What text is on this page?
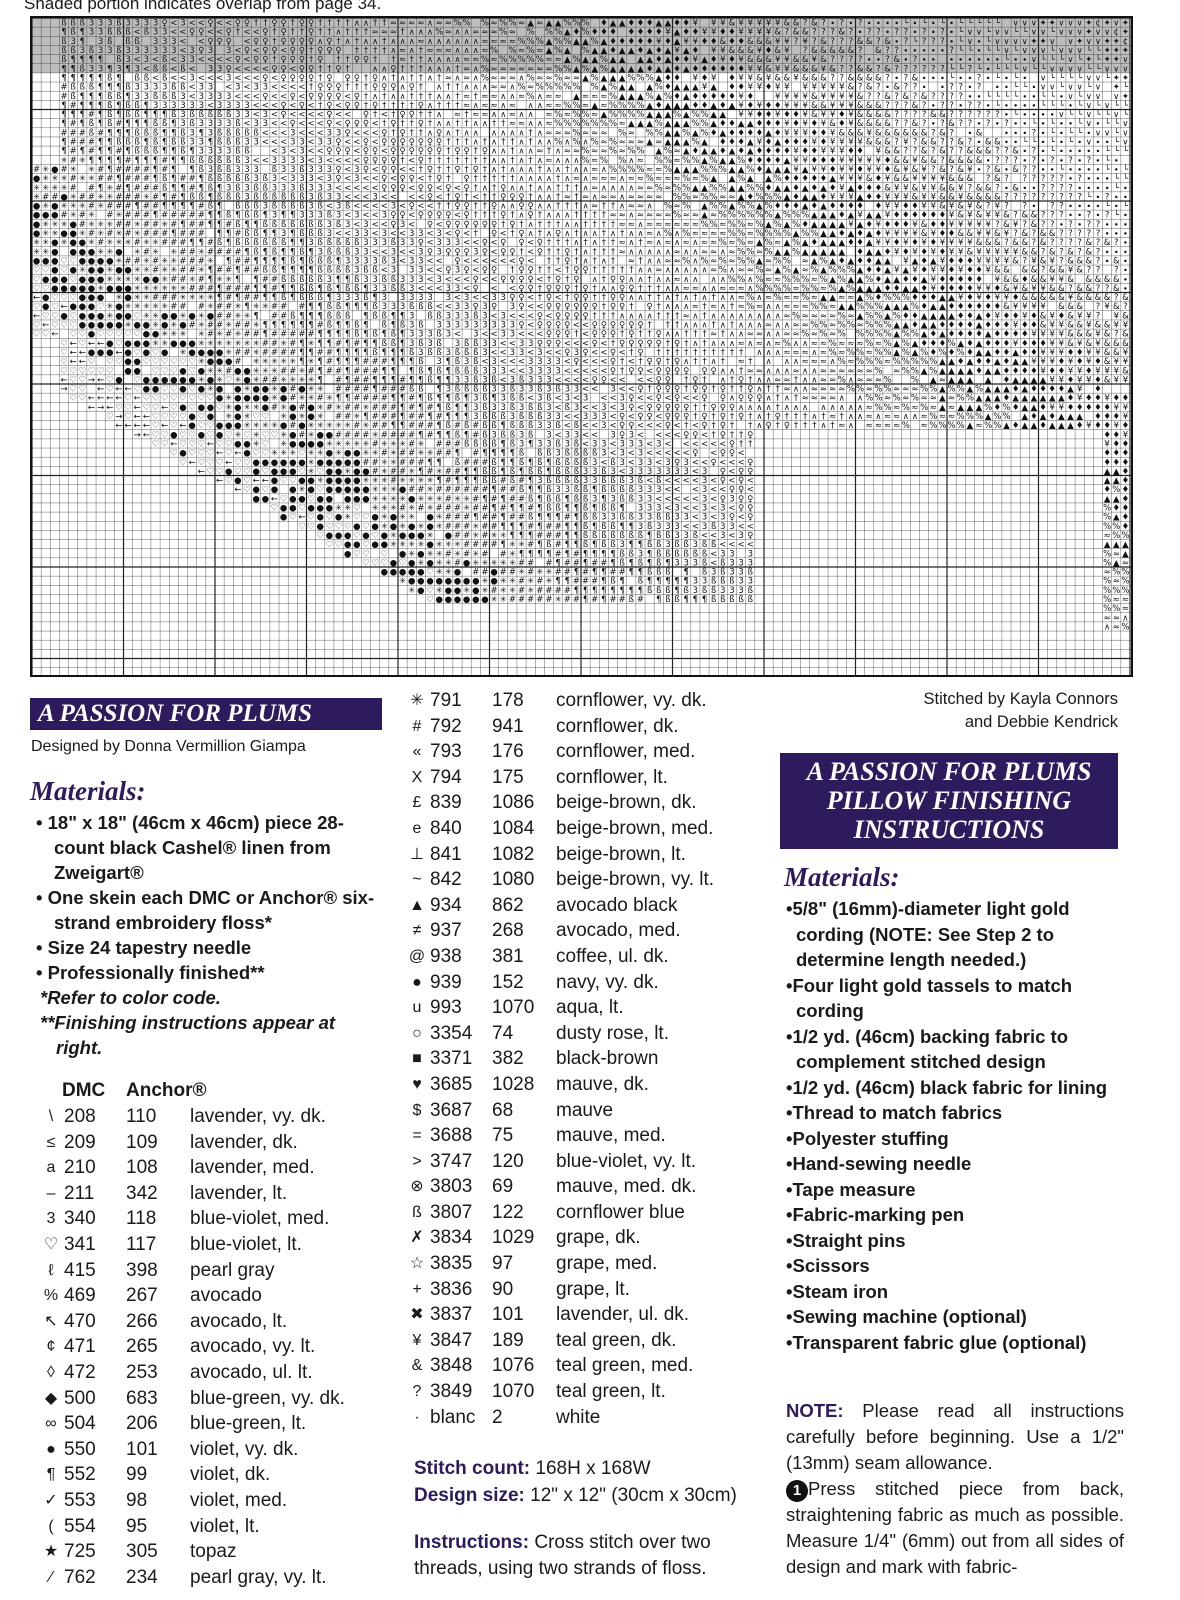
Shaded portion indicates overlap from page 34.
ß ß ß 3 3 3 ß 3 3 3 3 ♀ < 3 < < ♀ < < ♀ ♀ † † ♀ ♀ † ♀ ♀ † † † † ∧ ∧ † † ≈ ≈ ≈ ≈ ∧ ≈ ≈ % % % ≈ % % ≈ ▲ ≈ ▲ ▲ % % % ♦ ▲ ▲ ♦ ♦ ♦ ▲ ▲ ♦ ♦ ¥ ¥ ¥ & ¥ ¥ ¥ ¥ ¥ & & ? & ? ∙ ? ∙ ? ∙ ∙ ∙ ∙ └ ∙ └ ∙ └ ∙ └ └ └ └ └ ∨ ∨ ∨ ✦ ✦ ∨ ∨ ∨ ✦ ¢ ✦ ∨ ✦
¶ ß ¶ 3 3 ß ß ß < ß 3 3 < < ♀ ♀ < < ♀ † < < ♀ † ♀ † † ♀ † † ∧ † † † ≈ ≈ ≈ † ∧ ∧ ∧ % ≈ ∧ ∧ ≈ ≈ ≈ % ≈ % % % ▲ ♦ % ♦ ♦ ♦ ♦ ♦ ♦ ♦ ¥ ▲ ♦ ♦ ¥ ¥ ♦ ♦ ¥ ¥ ¥ ¥ & ? & & ? ? ? & ? ∙ ? ? ∙ ? ? ∙ ? ∙ ? ∙ └ ∨ ∨ └ ∨ ∨ └ └ ∨ ∨ └ ∨ ∨ ∨ ✦ ∨ ∨ ¢ ✦
ß 3 ¶ 3 ß ß ß 3 3 3 < < ♀ ♀ ♀ < ♀ ♀ † ♀ ♀ ♀ ♀ ∧ ♀ † ∧ † ∧ ∧ † ∧ ∧ ∧ ≈ ∧ ∧ ∧ ∧ ∧ ∧ ≈ ≈ ≈ ≈ % % % ▲ % % ▲ ▲ % ▲ ♦ ♦ ♦ ♦ ♦ ¥ ♦ ▲ ¥ ¥ ♦ ♦ & ♦ ♦ & & & ¥ ¥ ? ¥ ? & ? ? ? & & ? & ∙ ? └ ? ? ? ∙ └ ∨ ∙ └ ∨ ∨ ∨ ∨ ✦ ✦ ∨ ∨ ✦ ∨ ∨ ✦ ✦ ¢
ß ß 3 ß 3 3 ß 3 3 3 3 3 3 < 3 ♀ 3 3 < ♀ < ♀ ♀ < ♀ ♀ † ♀ ♀ ♀ † † † † ∧ ≈ ∧ † ≈ ≈ ≈ ∧ ∧ ∧ ≈ % % ≈ % ≈ ▲ % ▲ % ▲ ▲ ♦ ▲ ▲ ♦ ▲ ♦ ▲ ¥ ▲ ♦ ¥ ¥ & & & ¥ ♦ & ¥ ? & & & & & ? & ? ? ∙ ∙ ∙ ∙ ∙ ? └ └ ∙ └ └ ∨ └ ∨ ∨ ∨ └ ∨ ∨ ∨ └ └ ✦ ✦ ✦
ß ¶ ¶ ¶ ¶ ß 3 < 3 < ß < 3 3 < < < < ♀ < ♀ ♀ † ♀ ♀ ♀ † ♀ † † ♀ ♀ † † ≈ † † ∧ ∧ ∧ ∧ ≈ ≈ % ≈ % % % % % ≈ ≈ ▲ % ▲ ▲ % ▲ ▲ ▲ ▲ ♦ ▲ ♦ ♦ ¥ ▲ ♦ ¥ ♦ ¥ & & & ¥ ¥ & & ¥ & ? ? ? ? ∙ ∙ ? & ∙ ? ∙ ∙ ∙ ∙ ∙ ∙ ∙ ∙ └ ∙ ∙ ∨ └ └ └ ∨ └ ✦ └ ✦ ✦ ∨
¶ ¶ ß 3 3 ¶ 3 ¶ 3 < ß ß < ß < 3 3 ♀ < < < < ♀ ♀ < ♀ ♀ † † ♀ †	∧ ∧ ♀ † † † ∧ ∧ ∧ † ≈ ∧ % ≈ ≈ ≈ ≈ ≈ ≈ ≈ % % ▲ % ▲ % ▲ ▲ ▲ ▲ ♦ ▲ ▲ ♦ ▲ ♦ ♦ ♦ ♦ ♦ ♦ ¥ ¥ & ¥ ¥ & & & ¥ & ? ? & & ? & ? ? ? ? ? ? └ └ ? └ ∙ └ └ └ ∨ └ └ ∨ ∨ ∨ ∨ └ └ ∨ ∨ ∨
¶ ¶ ¶ ¶ ¶ ß ¶ ß ß < ß < < 3 < < < 3 < < < ♀ < ♀ ♀ ♀ ♀ † ♀ ♀ ♀ † ♀ ∧ † ∧ † † ∧ † ≈ ∧ ≈ ∧ % ≈ ≈ ≈ ∧ % ≈ ≈ % ≈ ≈ ▲ % ▲ ▲ ▲ % % % ▲ ♦ ♦ ¥ ♦ ¥ ♦ ¥ ¥ & ¥ & & ¥ & & & ? ? & & & & ? ∙ ? & ∙ ∙ ∙ └ ∙ ∙ ? ∙ └ ∙ └ ∙ ∨ └ └ └ └ ∨ ∨ └ ✦ ✦
# ß ß ß ¶ ¶ ¶ ß 3 3 3 3 ß ß < 3 3 < 3 < 3 3 < < < < † ♀ ♀ ♀ † † † ♀ ♀ ♀ ∧ ♀ † ∧ † † ∧ ∧ ∧ ≈ ≈ ∧ % ≈ % % % % % % ▲ % ▲ ▲ ▲ % ♦ ▲ ▲ ▲ ¥ ▲ ♦ ♦ ¥ ¥ ♦ ¥ ¥ ¥ ¥ ¥ ¥ ¥ & ? & ? ∙ & ? ? ∙ ∙ ? ? ∙ ? ∙ ∙ └ └ ∙ ∨ ∨ └ ∨ ∨ └ ∨ ✦ └
# ß ¶ ¶ ¶ ß ß ¶ 3 3 ß ß ß 3 < 3 3 3 3 < < < ♀ < < ♀ < ♀ ♀ ♀ ♀ < ♀ † ∧ † ∧ ∧ † † † ∧ ∧ † ≈ † ≈ ≈ ∧ ∧ ≈ % ∧ ≈ ≈ ▲ ≈ ≈ ≈ % ▲ ▲ ▲ % ▲ % ♦ ▲ ♦ ♦ ♦ ♦ ♦ ¥ ♦ ¥ ¥ ¥ ¥ & ¥ ¥ ¥ ¥ & ? ? & ? & ? & ? ? ? ? ∙ ∙ └ └ └ └ ∙ ∙ └ └ ∙ ∨ └ ∨ ∨ ∨ ✦
¶ # ¶ ¶ ¶ ß ¶ ß ß ¶ 3 3 3 3 3 3 < 3 3 3 3 < < < ♀ < ♀ < † ♀ < ♀ ♀ † ♀ † † † † ♀ ∧ † † † ≈ ∧ ≈ ≈ ∧ ≈ ∧ ∧ ≈ ≈ % % ≈ ▲ ≈ % % % % ▲ ♦ ▲ ▲ ▲ ♦ ♦ ▲ ♦ ▲ ¥ ♦ ¥ ♦ ♦ ¥ ¥ ¥ & & ¥ ¥ ¥ & & & ? ? ? & ? ∙ ? ? ∙ ? ? ∙ └ ∙ ∙ ∙ ∙ └ └ └ ∙ └ ∨ └ ∨ └ └
¶ ¶ ¶ # ¶ ß ¶ ß ß ¶ ¶ ¶ ß 3 ß ß ß ß ß 3 3 < 3 < ♀ < < < < ♀ < < ♀ † < † ♀ ♀ † † ∧ ≈ † ≈ ≈ ∧ ∧ ≈ ∧ ∧ ≈ % ≈ % % ≈ ▲ % % % % ▲ ▲ ▲ % ▲ % % ▲ ▲ ¥ ¥ ♦ ♦ ¥ ♦ ♦ ¥ & ¥ ¥ ♦ ¥ & & & & ? ? ? ? & & ? ? ? ? ? ? ∙ └ ∙ ∙ ∙ ∙ ∨ └ └ ∨ └ └ ∨ └
¶ # ¶ ß ¶ ß # ¶ ¶ ¶ ß ß ¶ 3 ß 3 3 3 3 ß < 3 3 < < ♀ < < < ♀ < ♀ ♀ ♀ < † ♀ † † ♀ † ∧ ∧ † † ∧ ∧ † † ≈ ≈ ∧ ∧ ≈ % % % % % % % ≈ ▲ ▲ ▲ % ▲ ▲ ▲ % % ▲ ♦ ♦ ▲ ▲ ♦ ♦ ♦ ¥ ♦ ¥ ♦ ¥ & ♦ ¥ & & & & ? ? & ? ∙ ? & ? ? ∙ ? ∙ ? ∙ ∙ └ ∙ └ ∙ ∙ └ ∨ ∙ └ └ ∨
# # # ß # ¶ ¶ ¶ ß ß ß ¶ ¶ ß 3 ¶ 3 ß ß ß ß ß < < < 3 < < < 3 3 ♀ < < < ♀ † ♀ † † ∧ ♀ ∧ † ∧ ∧ ∧ ∧ ∧ ∧ † ∧ ≈ ≈ ≈ % ≈ ≈ ≈ % ≈ % % ▲ ▲ % ▲ % ♦ ▲ ♦ ♦ ♦ ♦ ▲ ♦ ¥ ¥ ¥ ♦ ♦ ¥ & & & ¥ & & & & & & ? & ? ∙ &	∙ ∙ ∙ ? ∙ └ ∙ └ └ ∙ ∨ ∨ └ ∨
¶ # # # ¶ ¶ ß ß ß ¶ ß ¶ ß ß 3 3 ¶ ß ß ß 3 3 < < < 3 3 < 3 3 ♀ < < ♀ < ♀ ♀ ♀ ♀ ♀ ♀ ♀ † † † ∧ † ∧ † † ∧ † ∧ ∧ % ∧ % ∧ % ≈ % ≈ ≈ ≈ ▲ ≈ ▲ ▲ ▲ % ▲ ♦ ♦ ♦ ▲ ¥ ♦ ▲ ♦ ♦ ♦ ¥ ♦ ¥ ¥ ¥ ¥ & & & ? ¥ ? & & ? ? & ? ∙ & & ∙ ∙ └ └ ∙ └ ∙ └ ∙ ∨ ∙ ∙ └ ∨
¶ # ¶ # ¶ ¶ # ¶ ß ß ß ¶ ¶ ß ¶ 3 3 3 3 ß ß < 3 < 3 < < ♀ ♀ ♀ < ♀ ♀ < ♀ ♀ ♀ ♀ ♀ ♀ † ♀ ♀ † ♀ ∧ ∧ † ∧ ∧ ≈ † ∧ ≈ ≈ % ≈ ≈ % ≈ % % ▲ % ≈ ▲ ♦ ▲ ▲ ♦ ▲ ♦ ▲ ♦ ♦ ♦ ♦ ¥ ♦ ♦ ¥ ¥ ¥ ♦ ♦ ¥ & & ? ? & ? & ? ? & & & ? ? & ∙ ? ∙ └ ∙ ∙ ∙ ∙ ∙ └ └ └
✳ # ✳ ¶ ¶ ¶ ¶ # ¶ ¶ ¶ # ¶ ¶ ß ß ß ß ß ß 3 < < 3 3 3 3 < 3 < < < < ♀ ♀ ♀ ♀ † < ♀ † † † † † † † ∧ ∧ † ∧ † ∧ ≈ ∧ ∧ ∧ % ≈ % % ∧ ≈ % % ≈ % % ▲ % ▲ ▲ % ♦ ♦ ♦ ♦ ▲ ¥ ¥ ♦ ♦ ♦ ¥ ¥ ¥ ¥ ¥ ♦ & & ¥ & & ? & & & & ∙ ? ? ? ∙ ? ∙ ? ∙ ? ∙ ? ∙ └ ∙
# ✳ ● # ✳ ✳ # ¶ # # # # ¶ # ¶ ¶ ß 3 ß ß 3 3 3 ß 3 3 ß 3 3 3 ♀ < 3 ♀ < ♀ ♀ < < † ♀ † † ♀ † ♀ † ∧ † ∧ ∧ ∧ † ∧ ∧ † ∧ ∧ ≈ ∧ % % % % ≈ ≈ % ▲ ▲ ▲ % % % ▲ ▲ % ♦ ▲ ▲ ▲ ¥ ▲ ¥ ¥ ♦ ¥ ¥ ♦ ¥ ¥ ♦ & ¥ & ¥ ? & ? & ¥ ∙ ? & ∙ & ? ? ∙ ∙ └ ∙ ∙ ∙ ∙ └ ∙ └
● ✳ ✳ ✳ # ✳ ✳ # # ¶ # # # ¶ ß ¶ # # ¶ ß ß ß ß ß 3 ß 3 < 3 3 3 < 3 ♀ < 3 < < ♀ < ♀ ♀ < † ♀ † ♀ † † † † † ∧ ∧ ∧ ∧ † ∧ ≈ ∧ ≈ ≈ ≈ ∧ ≈ ≈ % ≈ ≈ ≈ % ≈ % ▲ ▲ % ▲ ▲ % ♦ ♦ ♦ ♦ ♦ ▲ ¥ ¥ ¥ & ♦ ¥ & & ¥ ¥ ¥ ¥ & & & ? & ? ? ? ? ? ? ∙ ? ∙ ∙ ∙ └ └
✳ ✳ ✳ ✳ # # ¶ ✳ # ¶ # # # ß ¶ ¶ # ¶ ß ¶ 3 ß 3 ß ß 3 3 3 ß 3 3 3 < < < < < ♀ ♀ ♀ < ♀ ♀ < ♀ < ♀ † ∧ † ♀ ∧ ∧ † ∧ ∧ † † † ∧ ≈ ∧ ∧ ∧ ∧ ≈ ≈ % ≈ % % ▲ ▲ % % ▲ ▲ % % ♦ ▲ ▲ ♦ ▲ ♦ ▲ ♦ ¥ ▲ ♦ ♦ ♦ & ¥ ¥ & ¥ ¥ & & ¥ ? & & ? ∙ & ∙ ∙ ? ? ? ? ∙ ∙ ∙ ∙ └ ∙
✳ # # ● ✳ # # ✳ ✳ # # # ✳ # ¶ # ¶ ß ß ¶ ß ß ß 3 ß ß ß ß ß ß 3 ß 3 3 < < < 3 < < < < ♀ < † ♀ † < † † ♀ ♀ ♀ † ∧ ∧ † ≈ † ≈ ∧ ≈ ≈ ∧ ≈ ≈ ≈ ≈ % % ≈ % % ≈ ≈ ▲ ♦ % % % ▲ ♦ ▲ ▲ ♦ ¥ ¥ ¥ ▲ ♦ ♦ ¥ ¥ ¥ & ¥ ¥ & & ¥ & & & & ? ? ? ? ? ? ? ? ? └ ∙ ? ∙ ∙
● ✳ ● ✳ ✳ ✳ # ✳ # # # ¶ # # ¶ ¶ ¶ ¶ # ß ¶ ß ß ß 3 ß ß ß ß 3 ß < 3 ß < < < < 3 < ♀ < < † † ♀ ♀ † † ♀ ∧ ∧ ♀ ♀ ∧ ∧ † † † ∧ ≈ † † ∧ ≈ ≈ ∧ % ≈ % ▲ % % ▲ % % ▲ % ♦ ♦ ♦ ▲ ♦ ▲ ♦ ♦ ♦ ♦ ♦ ¥ ¥ ♦ ♦ ¥ ¥ & ¥ & ¥ & ? ¥ ? ? ∙ ? ? ∙ ∙ ∙ ∙ └ ∙ └
● ● ● # ✳ # ✳ # ✳ # # # ¶ # # # # # ¶ ¶ ß ¶ ß ß ¶ 3 ¶ ¶ 3 3 3 ß 3 < 3 < < 3 ♀ ♀ < ♀ ♀ ♀ ♀ < ♀ † † † ♀ † ∧ ♀ † ∧ ∧ ∧ † † † † ≈ ≈ ∧ ≈ ≈ ≈ ≈ % ≈ ≈ ▲ ≈ % % % % % % ▲ % % % ▲ ▲ ▲ ♦ ▲ ¥ ▲ ▲ ¥ ♦ ♦ ♦ ♦ ♦ ♦ ¥ & ¥ & ¥ ¥ & ? & & ? ? ? ∙ ∙ ? ∙ ? └ ∙
● ✳ ✳ ✳ ● # ✳ ✳ ✳ # # ✳ # # ✳ # ¶ # # ¶ ¶ # ß ¶ ¶ ß ß ß ß ß ß ß 3 ß 3 < 3 < < ♀ 3 < ♀ < ♀ ♀ ♀ ♀ ♀ ♀ † ♀ † ∧ † † † ∧ ∧ † † † † ≈ ≈ ∧ ≈ ≈ ≈ ≈ ≈ ≈ % % ≈ % % ≈ % ▲ % ▲ % ♦ ▲ ▲ ▲ ▲ ¥ ▲ ♦ ¥ ♦ ♦ ♦ ¥ & ♦ ♦ ¥ ¥ ¥ ¥ ¥ ? & ¥ ? & ? ? ∙ ? ∙ ? ? ∙ ∙ ∙
● ✳ ✳ ● ● ✳ # ✳ # ✳ # ✳ # # # ¶ # # # ¶ ¶ # ß ß ¶ ¶ 3 ¶ ß ß ß 3 < < 3 3 < 3 < < 3 3 < 3 < ♀ < † ♀ < † ♀ ∧ † ∧ ♀ ∧ † ∧ ∧ † ∧ † ∧ ∧ ≈ ∧ % ∧ % ≈ ≈ ≈ ≈ % % ≈ % % % % ▲ % % ▲ ▲ ♦ ▲ ♦ ▲ ♦ ¥ ¥ ¥ ¥ & ¥ ♦ ♦ & & ¥ ¥ & ¥ ? & ? & & ? ? ? ? ? ∙ ∙ ∙
✳ ✳ ● ✳ ● ● ✳ # ✳ ✳ ✳ # ✳ ✳ # # # ¶ ¶ # ß ¶ ß ß ß ß ß ß ¶ ¶ 3 ß ß ß ß ß 3 3 3 ß 3 3 ♀ < 3 3 3 < < ♀ < ♀ ♀ < ♀ † † † ∧ † ∧ † † ≈ ∧ † ≈ ∧ ≈ ∧ ≈ ∧ ≈ ≈ % ≈ % ≈ ▲ % ≈ ▲ % ▲ ♦ ▲ ▲ ▲ ♦ ♦ ▲ ¥ ¥ ♦ ¥ ♦ ¥ ♦ ¥ ¥ ¥ ¥ & & & ? & & ? & ? ? ? ? & ? & ? ∙
✳ ✳ ● ● ● ● ✳ ✳ ● ✳ # ✳ ✳ # # ✳ # # # # ¶ ß ¶ ß ¶ ¶ ß ¶ 3 ß ß ß 3 3 < < 3 < < 3 ♀ 3 ♀ ♀ ♀ 3 ♀ < ♀ ♀ † < ♀ † † ♀ † ∧ † † † ≈ ∧ ∧ ∧ ∧ ∧ ≈ ∧ ∧ ≈ ≈ ∧ ≈ % % ≈ % ▲ ▲ % ▲ ▲ ▲ ▲ ▲ ♦ ▲ ▲ ♦ ¥ ♦ ¥ ♦ ¥ ♦ ¥ ¥ & ¥ ¥ ¥ ¥ ¥ & & ? & ? & ? & ? ∙ ∙ ∙
● ● ● ♡ ♡ ● ● ● ● ✳ # # ✳ # ✳ ✳ # # # ✳ ¶ # # ¶ ¶ ¶ ¶ ß ¶ ß ß ß ¶ 3 3 3 3 ß 3 < 3 3 < < ♀ < < < < < < ♀ < † † ♀ † ∧ † ∧ † ≈ † ∧ ∧ ≈ ≈ % ∧ % ≈ % ≈ % % ▲ ≈ % % ≈ ▲ % ▲ ♦ ▲ ♦ ♦ ▲ ▲ ¥ ▲ ♦ ▲ ¥ ♦ ♦ ♦ ¥ ¥ ¥ ¥ & ? ¥ & ¥ ? & & & ? ∙ & ∙
♡ ♡ ● ♡ ● ✳ ● ● ✳ ● ● ✳ ✳ # ✳ ✳ # # ✳ ¶ # # ¶ # # ß ß ¶ ¶ ¶ ¶ ß ß ß ß 3 ß ß < 3 3 3 < < ♀ 3 ♀ < ♀ ♀ † ♀ ♀ † † < † ♀ ♀ † † † † † ∧ ∧ ≈ ∧ ∧ ∧ ∧ ∧ ≈ % ∧ ≈ ≈ % ≈ ▲ % ▲ ≈ % ▲ % % % ▲ ♦ ♦ ▲ ¥ ▲ ¥ ♦ ¥ ¥ ♦ ¥ ♦ ♦ ¥ & & & & ? & & ¥ & ? ? ? ∙
♡ ● ● ● ♡ ● ● ● ✳ ✳ ✳ ✳ ● ● ✳ # # ✳ # ¶ ✳ ✳ ¶ ¶ # # ß ß ß ß ß 3 ¶ ¶ ß 3 3 ß ß 3 3 3 < 3 < < < ♀ < < ♀ ♀ ♀ ♀ < † ♀ † ♀ ∧ † ♀ ♀ ∧ ∧ † ∧ ∧ ≈ ∧ ∧ ∧ ∧ % % ∧ % ≈ ≈ % % % ≈ % ▲ % ▲ ▲ % ♦ ▲ ▲ ♦ ♦ ▲ ¥ ♦ ♦ ♦ ♦ ♦ ¥ & & ♦ & & ¥ ¥ & & & & & ∙
♡ ♡ ● ● ● ● ● ✳ ● ● ● ✳ ✳ ✳ ✳ ✳ ✳ # # # ¶ # # # ¶ ¶ # ¶ ¶ ß ß ¶ ß ¶ ß ß ¶ 3 3 ß ß 3 < < < 3 3 < ♀ < < ♀ ♀ † ♀ ♀ ♀ † ♀ † ∧ ∧ ♀ ♀ † † † ∧ ∧ ≈ ≈ ∧ ∧ ≈ ≈ ≈ ∧ % % % % ≈ % % ≈ % ▲ % ▲ ▲ ▲ ♦ ♦ ▲ ▲ ♦ ¥ ♦ ♦ ♦ ♦ ¥ ¥ ♦ & ¥ & ¥ ¥ & & ? & & ? ? & ∙
← ● ♡ ♡ ♡ ● ● ● ✳ ● ✳ ✳ # # # ✳ ✳ ✳ ✳ ¶ # ¶ # # ¶ ¶ ß ¶ ß ß ß ¶ 3 3 3 ß ¶ 3 3 3 3 3 3 < 3 < < 3 3 ♀ ♀ < † ♀ < † ♀ ♀ † † ♀ ♀ ∧ ∧ † † ∧ † ∧ † ∧ † ∧ ∧ ≈ % ∧ ≈ % ≈ ≈ % ≈ ▲ ▲ ≈ ≈ ▲ % ♦ % % % ♦ ♦ ♦ ▲ ▲ ¥ ♦ ¥ ♦ ¥ ¥ ♦ & & & & & ¥ & & & & ? &
♡ ● ♡ ← ● ● ● ♡ ✳ ● ✳ ✳ ✳ ✳ ✳ # # # ✳ # # ✳ ¶ ✳ ✳ # # # ¶ ¶ ß ß ¶ ¶ ¶ ß 3 3 3 ß ß ß < < 3 3 ♀ 3 ♀ 3 ♀ < < ♀ ♀ ♀ ♀ ♀ ♀ † ♀ ♀ † ♀ † ∧ ∧ ∧ ≈ † ≈ ∧ † ≈ % ≈ ∧ ∧ ≈ ≈ ≈ % % ≈ ▲ ▲ % % % ▲ ▲ ▲ % ♦ ▲ ▲ ♦ ♦ ♦ ♦ ♦ ♦ & ¥ ¥ ¥ ¥ & & & ? ¥ & ?
← ♡ ♡ ● ♡ ● ● ● ✳ ● ● ♡ ✳ ✳ ● ● ✳ ● ✳ ● # # ✳ ✳ ¶ # # ß ¶ ¶ ¶ ß ß ß ¶ ß ß ¶ ¶ 3 ß ß 3 3 3 ß 3 < 3 < < < ♀ < ♀ ♀ ♀ ♀ † † † ∧ ∧ ∧ ∧ † † † ≈ ∧ † ∧ ∧ ∧ ∧ ∧ ∧ ∧ ∧ ≈ % ≈ ≈ ≈ ≈ % ≈ ▲ % % ▲ % ♦ ♦ ▲ ▲ ▲ ▲ ♦ ♦ ▲ ♦ ¥ ♦ ♦ ¥ ♦ & ¥ ♦ & ¥ ¥ ? ¥ &
♡ ← ♡ ♡ ♡ ● ● ● ● ● ✳ ● ● ✳ ● ✳ ● # ✳ # # ✳ # # ✳ ¶ ¶ ¶ ¶ ¶ ¶ # ß ¶ ¶ ß ¶ ß ¶ ß 3 ß 3 3 3 3 3 3 3 3 3 ♀ < ♀ ♀ ♀ ♀ < < ♀ ♀ ♀ ♀ ♀ ♀ † † † ∧ ∧ ∧ † ∧ † ∧ ∧ ∧ ≈ ∧ ∧ ≈ ≈ % % ≈ % % ≈ % % % ▲ ▲ ♦ ▲ ▲ ♦ ♦ ♦ ♦ ▲ ♦ ♦ ♦ ¥ ♦ ♦ & ¥ ¥ & & ¥ & & ¥ ¥
♡ ♡ ← ♡ ♡ ● ♡ ♡ ♡ ♡ ♡ ● ● ✳ ✳ ✳ ✳ # ✳ # ✳ # # ¶ # # # # # ¶ ¶ ¶ ¶ ß ¶ ß ¶ ß ¶ 3 3 3 ß 3 < 3 < < 3 3 < < < ♀ ♀ ♀ † < ♀ ♀ ♀ † ♀ † † ♀ ∧ ∧ † † † ≈ † ∧ ∧ ≈ ≈ ∧ ∧ ≈ ≈ % ≈ % ≈ % % % % % ▲ % % ▲ ♦ ▲ ♦ ♦ ♦ ♦ ▲ ♦ ♦ ♦ ♦ ¥ ¥ ¥ ¥ & & & ¥ & ? &
♡ ← ♡ ← ← ● ♡ ● ● ● ✳ ✳ ● ● ● ✳ ✳ ✳ ✳ ✳ ✳ ✳ # # ✳ # ¶ ✳ ¶ ¶ # ¶ # ¶ ¶ ß ß ¶ 3 ß 3 ß 3 ß ß 3 3 < < 3 3 ♀ ♀ ♀ < < < ♀ < † ♀ ♀ ♀ ♀ ♀ † ♀ † ∧ † ∧ ∧ ∧ ≈ ∧ ≈ ∧ ≈ % ∧ ∧ ≈ ≈ % ≈ ≈ ≈ % ≈ % ▲ % ▲ ♦ ♦ ♦ % ▲ ♦ ▲ ♦ ♦ ♦ ¥ ♦ ♦ ♦ ¥ ¥ & ¥ & ¥ & & &
♡ ← ← ● ● ● ← ● ♡ ● ♡ ● ✳ ● ● ● ● ✳ # # ✳ # # # # ¶ ¶ # # ¶ ¶ ¶ ¶ ß ¶ ¶ ¶ ß 3 ß ß 3 ß ß ß 3 < < 3 3 < 3 < < ♀ 3 ♀ < < ♀ < † ♀ † † † † † † † † † † ∧ ∧ ∧ ≈ ≈ ≈ ∧ ≈ % ≈ % % ≈ % % ▲ % ▲ % ♦ % ♦ % ♦ ▲ ▲ ♦ ♦ ▲ ♦ ♦ ¥ ¥ ¥ ♦ ♦ ¥ ¥ & & ¥
♡ ← ← ♡ ♡ ♡ ● ● ♡ ♡ ♡ ♡ ♡ ♡ ✳ ● ● ● # ✳ ✳ ✳ ✳ ✳ ¶ ✳ ¶ # ¶ ¶ ¶ # # # ¶ ¶ ¶ ß 3 ¶ ß 3 ß < 3 < < < 3 3 3 3 < ♀ < < < ♀ † < † ♀ ♀ † ♀ ∧ † † ∧ † ≈ † ∧ ∧ ∧ ≈ ≈ ≈ ∧ % ≈ % % % ≈ % % % % % ▲ ▲ ♦ ▲ ♦ ♦ ▲ ♦ ▲ ▲ ¥ ¥ ¥ ♦ ¥ ♦ ¥ ♦ & ¥ ¥
♡ ♡ ♡ ♡ ♡ ♡ ● ● ♡ ♡ ♡ ● ♡ ● ✳ ✳ # ● ● ✳ ✳ ✳ # # ✳ # ¶ # # ¶ # # # ¶ ¶ ¶ ß ¶ ß ¶ ß ß ß 3 3 3 < < 3 3 3 3 < < < < < ♀ † ♀ ♀ < ♀ ♀ ♀ ♀ ♀ ♀ ∧ ∧ † ≈ ≈ ∧ ∧ ∧ ≈ ∧ ∧ ≈ ≈ ≈ ≈ ≈ ≈ % ≈ % % ▲ % ▲ ▲ ▲ ▲ ♦ ▲ ▲ ♦ ♦ ♦ ♦ ¥ ♦ ♦ ¥ ¥ ♦ ¥ ¥ ¥ &
← ♡ ♡ → ← ♡ ● ♡ ● ● ● ● ● ● ✳ ● ✳ ♡ ✳ ● ✳ # # ✳ ✳ ✳ ✳ ¶ # ¶ # # ¶ ¶ ¶ # ¶ ¶ ß ¶ ¶ 3 3 ß 3 ß < 3 ß 3 3 3 < < < < ♀ ♀ < < < < ♀ ♀ † ♀ † ∧ † ♀ † ∧ ∧ ≈ ≈ † ∧ ∧ ≈ ≈ % ∧ ≈ ≈ ≈ % % ▲ ≈ ▲ ▲ ▲ ▲ ♦ ▲ ▲ ▲ ▲ ¥ ¥ ♦ ¥ ¥ ♦ & ¥ ¥
→ ♡ ♡ ← ♡ ← ← ♡ ● ● ♡ ♡ ● ♡ ● ✳ ● ● ✳ ● ● ✳ ● # ● ✳ ✳ # # # # ¶ # # # ß ß ¶ 3 ß ß ß ß 3 3 ß 3 3 ß 3 ß 3 3 < < 3 < < ♀ † ♀ ♀ ♀ † ♀ ♀ † ♀ † † ♀ ∧ † † ≈ ∧ ∧ ≈ ≈ ≈ ≈ % % ≈ % % ≈ ≈ ≈ % % ▲ % % ▲ % ▲ ▲ ▲ ♦ ▲ ♦ ♦ ♦ ♦ ▲ ¥ ♦
♡ ♡ ← ← ← ← ♡ ← ♡ ♡ ♡ ♡ ♡ ♡ ♡ ♡ ● ✳ ● ● ● ● ✳ ● # ✳ ✳ # ✳ ¶ ¶ # # # # ¶ ¶ # ¶ ß ¶ ¶ ß ¶ 3 ß ¶ 3 ß ß < 3 ß < 3 < 3 < < 3 ♀ < < ♀ < ♀ < < ♀ ♀ ∧ ♀ ♀ ♀ ∧ † ∧ † ≈ ≈ ≈ ≈ ∧ ∧ % % ≈ % ≈ % ≈ ≈ ▲ ≈ % % ▲ ▲ ▲ ♦ ▲ ▲ ▲ ▲ ▲ ▲ ♦ ¥ ♦ ♦ ¥ ♦ ♦
← → ← ♡ ♡ ← ♡ ♡ ← ♡ ● ♡ ● ● ♡ ✳ ● ✳ ✳ ● # ✳ ● # ● ✳ # ✳ # # ✳ # # # ¶ # ¶ # ¶ ß ¶ ¶ 3 ß 3 3 ß 3 ß ß 3 < ß 3 < < 3 < 3 ♀ < ♀ ♀ ♀ ♀ ♀ † † ♀ ♀ ♀ ∧ ∧ ∧ ∧ † ∧ ∧ ∧ ∧ ∧ ∧ ∧ ∧ ≈ % % ≈ % ≈ % ≈ ▲ ≈ ▲ ▲ ▲ % ♦ % ♦ ▲ ▲ ♦ ¥ ¥ ♦ ♦ ♦ ♦ ♦ ¥ ¥
♡ → ♡ ← ← ♡ ♡ ♡ ♡ ● ♡ ● ✳ ● ✳ ♡ ♡ ✳ ● ✳ ● ✳ # # ✳ ¶ # # # ¶ # # ¶ # ¶ ¶ ¶ 3 ß ß ß 3 ß ß ß 3 3 < < 3 3 3 < ♀ < ♀ ♀ < ♀ ♀ ♀ † ♀ † ♀ † ♀ † ∧ † ♀ † † † ∧ † ≈ † ∧ ∧ ≈ ∧ ≈ ≈ ∧ ∧ ≈ % ≈ ≈ % % % ▲ % % ▲ ♦ ▲ ♦ ▲ ▲ ▲ ♦ ♦ ♦ ¥
← ← ← ← ♡ ← ♡ ← ● ♡ ♡ ● ● ● ✳ ✳ ✳ ✳ ● # ● ✳ ✳ ✳ ✳ ✳ # ✳ # # ¶ ¶ # # # ¶ ß # ß # ß ß ¶ ß ß ß 3 3 ß < ß < < 3 < ♀ ♀ < < < ♀ < † < ♀ † ♀ † † ∧ ♀ † ♀ † † † ∧ † ≈ ∧ ≈ ≈ ≈ ≈ % ≈ % % % % ▲ ≈ % % ▲ ♦ ▲ ▲ ♦ ▲ ▲ ▲ ♦ ¥ ♦ ♦ ¥ ♦
→ ← ♡ ♡ ● ♡ ♡ ● ♡ ● ♡ ✳ ♡ ✳ ♡ ♡ ✳ ● # ✳ ● ● # # # # ✳ # # # # ¶ # ¶ ¶ ß ¶ # ß 3 ß ß 3 ß 3 < 3 3 < < 3 ♀ 3 < < < < ♀ ♀ < † ♀ † † ♀	♦ ♦ ¥
♡ ♡ ← ♡ ♡ ♡ ← ♡ ♡ ● ● ✳ ♡ ✳ ● ● ● ● ✳ ✳ ✳ ✳ ✳ # ✳ ✳ ✳ # ✳ # # # ß ß ß ß ¶ ß 3 ¶ 3 3 ß 3 ß < 3 3 < 3 3 3 < 3 < < < < < < ♀ † †	¥ ♦ ♦
♡ ● ♡ ♡ ♡ ← ♡ ← ● ♡ ♡ ✳ ✳ ✳ ♡ ✳ ✳ ● ✳ ● ● ✳ ✳ # ✳ # # ✳ ✳ # # ¶ # ¶ ¶ ¶ ¶ ß ß ß 3 ß ß ß ß 3 < 3 < 3 < < < < < ♀ < ♀ ♀ <	♦ ♦ ♦
♡ ← ♡ ♡ ♡ ← ♡ ♡ ● ● ● ● ● ● ✳ ● ● ● ● ● # # ✳ ✳ # # # ¶ ¶ ß # # # ß ¶ ¶ ß ¶ ß ¶ ß ß ß ß 3 < ß 3 < 3 3 < 3 ♀ 3 < < ♀ < < < ♀	♦ ♦ ♦
← ♡ ♡ ● ♡ ♡ ● ♡ ● ● ● ♡ ✳ ♡ ● ● ✳ ● ● # ✳ # # ✳ ¶ # ✳ # # ¶ ¶ ß ß ¶ ß ¶ ß ß ¶ ß ß ß 3 3 ß 3 < 3 3 3 3 3 3 3 < 3 ♀ < ♀ ♀	▲ ▲ ♦
← ♡ ● ♡ ← ← ● ♡ ♡ ● ● ✳ ● ● ● ● ✳ ✳ ✳ # ✳ ✳ ✳ ✳ ¶ # ¶ ¶ ¶ ß ß # ß # ¶ 3 ß ß ß ß 3 3 ß ß ß 3 ß < ß < < < < 3 < ♀ < ♀ <	▲ ▲ ♦
← ♡ ● ♡ ● ● ✳ ● ♡ ● ● ● ● ● ✳ ✳ ✳ ● # # ✳ # # # # # # ¶ # # ß ¶ ¶ ß 3 3 ß ß ¶ ß ß ß ß 3 3 3 < < < 3 < < ♀ ♀ <	♦ % ♦
● ● ← ♡ ● ● ♡ ● ● ● ● ● ✳ ✳ ✳ ✳ ● ✳ ✳ ✳ # ✳ ✳ # ¶ # ¶ # # ß ¶ ß ß ¶ ß ß 3 ¶ 3 ß ß 3 3 < < < < < 3 < ♀ 3 ♀ ♀	▲ ▲ ♦
♡ ● ● ♡ ● ● ● ✳ ✳ ♡ ✳ ✳ ✳ # ✳ # ✳ # # # ✳ # # ¶ # ¶ ¶ # ¶ ß ß ¶ ¶ ß ¶ ß ß ¶ 3 3 3 < 3 < < 3 < 3 < ♀ ♀	% ♦ ♦
● ♡ ← ♡ ● ♡ ● ✳ ♡ ♡ ● ✳ ● ✳ ✳ ● ✳ # # # ¶ # # ¶ # # ß ¶ ¶ ¶ # ¶ ß ß 3 3 ß ß 3 3 ß ß 3 3 < 3 < 3 ♀ < ♀	% ▲ ♦
♡ ♡ ● ♡ ♡ ♡ ● ♡ ● ✳ ● ✳ ● ✳ ● ✳ # # # ✳ # # ¶ ¶ ¶ # ¶ # # ¶ ¶ ß ¶ ß ß ¶ ¶ 3 ß 3 3 3 < < 3 ß 3 3 < <	% % ♦
♡ ● ● ● ♡ ● ♡ ● ✳ ● ● ● ✳ ● # # ✳ # ✳ ✳ ¶ ¶ ¶ # # # ¶ ¶ ß ß ß ß ß ß ß ¶ ß ß 3 3 ß < < 3 < 3 ♀	≈ % %
♡ ♡ ● ● ♡ ● ● ✳ ✳ ✳ ✳ ● ✳ ✳ ✳ # # # # ¶ ✳ ✳ # ¶ ß # ¶ ¶ ß ¶ ß ß 3 ¶ ¶ ß ß 3 ß ß 3 ß ß < < < <	▲ ▲ ▲
● ♡ ♡ ♡ ● ✳ ● ✳ ✳ # ✳ # ✳ # # ✳ ¶ ¶ ¶ ¶ # ¶ # ¶ ¶ ¶ ¶ ß ß 3 ¶ ß ß ß ß ß ß < 3 3 3	% ≈ ▲
♡ ♡ ♡ ● ♡ ● ✳ ● ✳ ✳ # ● ✳ ✳ ✳ ✳ ✳ # # # ¶ # # ¶ # # ¶ ß ¶ ß ¶ ß ¶ 3 3 3 ß < ß 3 3 3	% ▲ ≈
● ● ● ● ● ♡ ✳ ✳ ● # # ● # # ✳ # ✳ ✳ # # ¶ # ¶ ¶ # # ¶ ¶ ß ß ß ¶ ß 3 ß 3 3 ß	≈ % %
✳ ● ● ● ● ● ● ● ● ✳ ● ✳ ✳ # ✳ # ✳ ¶ ¶ # # # ¶ ß ¶ ß ¶ ¶ ¶ ¶ ¶ 3 3 ß ß ß 3 3	% ≈ %
✳ ● ♡ ✳ ● ● ✳ ● ✳ # ✳ ✳ # ✳ # # # # ¶ ¶ ¶ ¶ ¶ ¶ ¶ ¶ ß ß ß ¶ ß 3 ß ß 3 3 3 ß	% % %
♡ ● ● ● ● ● ● ✳ ✳ # # # # # ✳ # # ¶ # ¶ # # ß # ¶ ß ß ¶ ¶ ¶ ß ß ß ß ß	% ≈ ≈
% % ≈
≈ ≈ ∧
∧ ≈ %
A PASSION FOR PLUMS
Designed by Donna Vermillion Giampa
Materials:
• 18" x 18" (46cm x 46cm) piece 28-count black Cashel® linen from Zweigart®
• One skein each DMC or Anchor® six-strand embroidery floss*
• Size 24 tapestry needle
• Professionally finished**
*Refer to color code.
**Finishing instructions appear at right.
DMC Anchor®
\ 208 110 lavender, vy. dk.
≤ 209 109 lavender, dk.
a 210 108 lavender, med.
– 211 342 lavender, lt.
3 340 118 blue-violet, med.
♡ 341 117 blue-violet, lt.
ℓ 415 398 pearl gray
% 469 267 avocado
↖ 470 266 avocado, lt.
¢ 471 265 avocado, vy. lt.
◊ 472 253 avocado, ul. lt.
◆ 500 683 blue-green, vy. dk.
∞ 504 206 blue-green, lt.
● 550 101 violet, vy. dk.
¶ 552 99 violet, dk.
✓ 553 98 violet, med.
( 554 95 violet, lt.
★ 725 305 topaz
∕ 762 234 pearl gray, vy. lt.
✳ 791 178 cornflower, vy. dk.
# 792 941 cornflower, dk.
« 793 176 cornflower, med.
X 794 175 cornflower, lt.
£ 839 1086 beige-brown, dk.
е 840 1084 beige-brown, med.
⊥ 841 1082 beige-brown, lt.
~ 842 1080 beige-brown, vy. lt.
▲ 934 862 avocado black
≠ 937 268 avocado, med.
@ 938 381 coffee, ul. dk.
● 939 152 navy, vy. dk.
u 993 1070 aqua, lt.
○ 3354 74 dusty rose, lt.
■ 3371 382 black-brown
♥ 3685 1028 mauve, dk.
$ 3687 68 mauve
= 3688 75 mauve, med.
> 3747 120 blue-violet, vy. lt.
⊗ 3803 69 mauve, med. dk.
ß 3807 122 cornflower blue
✗ 3834 1029 grape, dk.
☆ 3835 97 grape, med.
+ 3836 90 grape, lt.
✖ 3837 101 lavender, ul. dk.
¥ 3847 189 teal green, dk.
& 3848 1076 teal green, med.
? 3849 1070 teal green, lt.
· blanc 2	white
Stitch count: 168H x 168W
Design size: 12" x 12" (30cm x 30cm)
Instructions: Cross stitch over two threads, using two strands of floss.
Stitched by Kayla Connors
and Debbie Kendrick
A PASSION FOR PLUMS
PILLOW FINISHING
INSTRUCTIONS
Materials:
• 5/8" (16mm)-diameter light gold cording (NOTE: See Step 2 to determine length needed.)
• Four light gold tassels to match cording
• 1/2 yd. (46cm) backing fabric to complement stitched design
• 1/2 yd. (46cm) black fabric for lining
• Thread to match fabrics
• Polyester stuffing
• Hand-sewing needle
• Tape measure
• Fabric-marking pen
• Straight pins
• Scissors
• Steam iron
• Sewing machine (optional)
• Transparent fabric glue (optional)
NOTE: Please read all instructions carefully before beginning. Use a 1/2" (13mm) seam allowance.
1 Press stitched piece from back, straightening fabric as much as possible. Measure 1/4" (6mm) out from all sides of design and mark with fabric-
